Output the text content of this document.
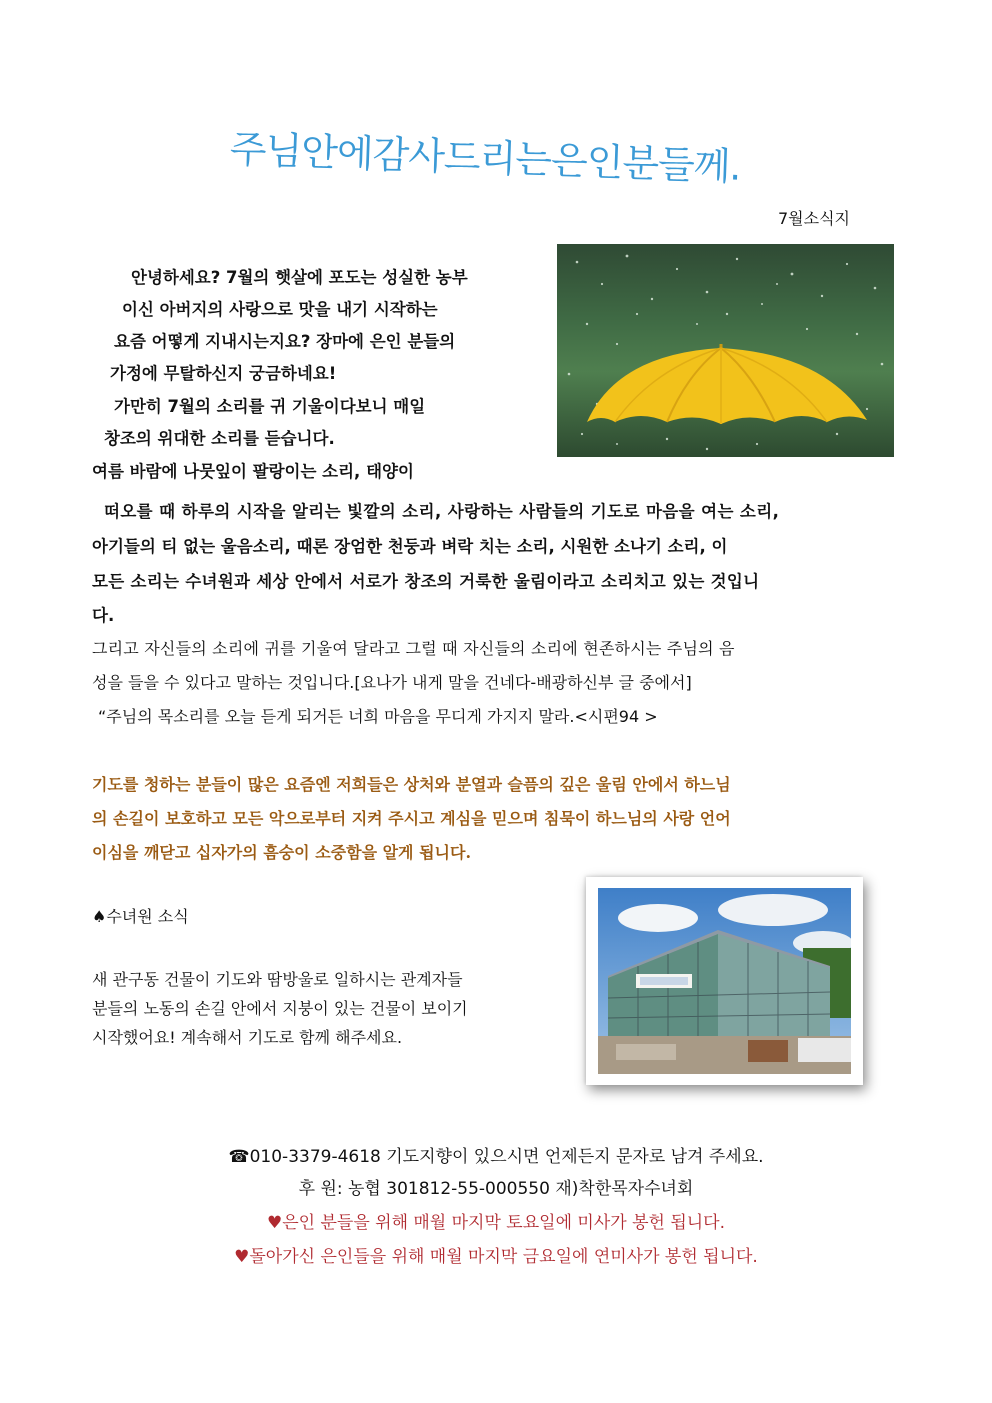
주님안에감사드리는은인분들께.
7월소식지
안녕하세요? 7월의 햇살에 포도는 성실한 농부
이신 아버지의 사랑으로 맛을 내기 시작하는
요즘 어떻게 지내시는지요? 장마에 은인 분들의
가정에 무탈하신지 궁금하네요!
가만히 7월의 소리를 귀 기울이다보니 매일
창조의 위대한 소리를 듣습니다.
여름 바람에 나뭇잎이 팔랑이는 소리, 태양이
떠오를 때 하루의 시작을 알리는 빛깔의 소리, 사랑하는 사람들의 기도로 마음을 여는 소리,
아기들의 티 없는 울음소리, 때론 장엄한 천둥과 벼락 치는 소리, 시원한 소나기 소리, 이
모든 소리는 수녀원과 세상 안에서 서로가 창조의 거룩한 울림이라고 소리치고 있는 것입니
다.
그리고 자신들의 소리에 귀를 기울여 달라고 그럴 때 자신들의 소리에 현존하시는 주님의 음
성을 들을 수 있다고 말하는 것입니다.[요나가 내게 말을 건네다-배광하신부 글 중에서]
“주님의 목소리를 오늘 듣게 되거든 너희 마음을 무디게 가지지 말라.<시편94 >
기도를 청하는 분들이 많은 요즘엔 저희들은 상처와 분열과 슬픔의 깊은 울림 안에서 하느님
의 손길이 보호하고 모든 악으로부터 지켜 주시고 계심을 믿으며 침묵이 하느님의 사랑 언어
이심을 깨닫고 십자가의 흠숭이 소중함을 알게 됩니다.
♠수녀원 소식
새 관구동 건물이 기도와 땀방울로 일하시는 관계자들
분들의 노동의 손길 안에서 지붕이 있는 건물이 보이기
시작했어요! 계속해서 기도로 함께 해주세요.
☎010-3379-4618 기도지향이 있으시면 언제든지 문자로 남겨 주세요.
후 원: 농협 301812-55-000550 재)착한목자수녀회
♥은인 분들을 위해 매월 마지막 토요일에 미사가 봉헌 됩니다.
♥돌아가신 은인들을 위해 매월 마지막 금요일에 연미사가 봉헌 됩니다.
